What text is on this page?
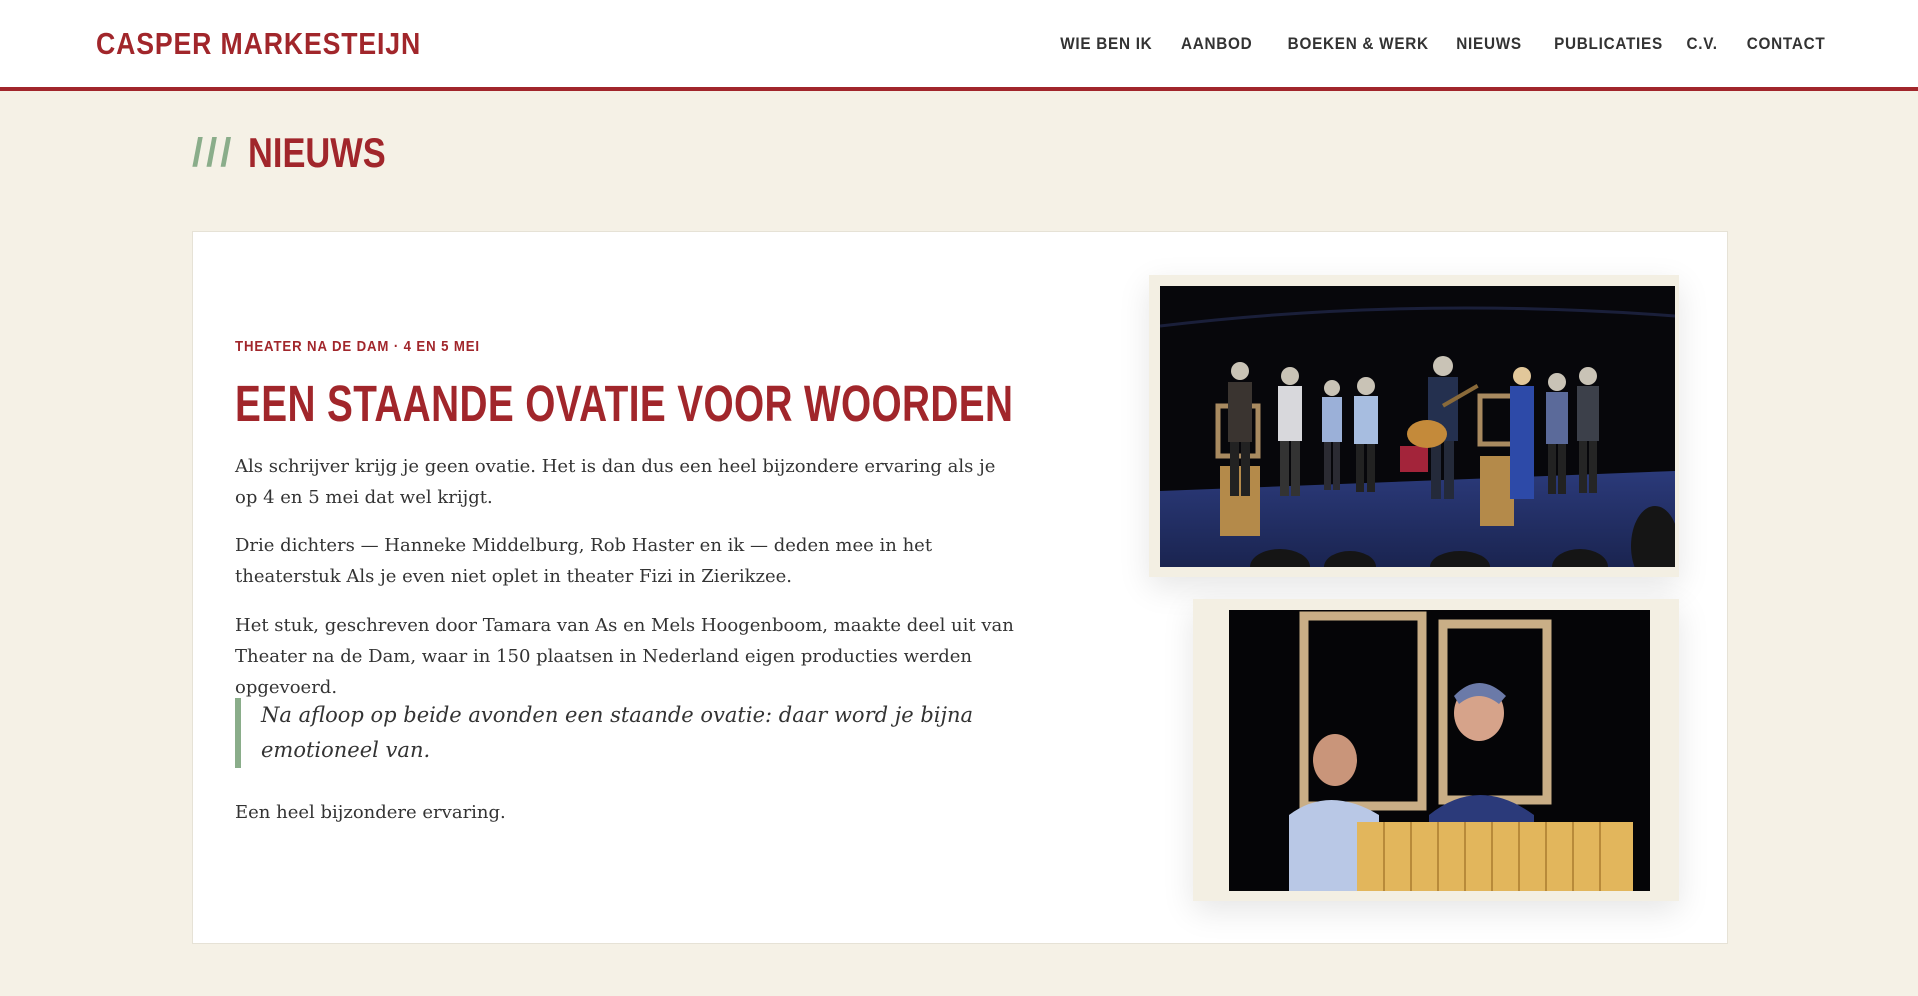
CASPER MARKESTEIJN	WIE BEN IK AANBOD BOEKEN & WERK NIEUWS PUBLICATIES C.V. CONTACT
/// NIEUWS
THEATER NA DE DAM · 4 EN 5 MEI
EEN STAANDE OVATIE VOOR WOORDEN

Als schrijver krijg je geen ovatie. Het is dan dus een heel bijzondere ervaring als je op 4 en 5 mei dat wel krijgt.

Drie dichters — Hanneke Middelburg, Rob Haster en ik — deden mee in het theaterstuk Als je even niet oplet in theater Fizi in Zierikzee.

Het stuk, geschreven door Tamara van As en Mels Hoogenboom, maakte deel uit van Theater na de Dam, waar in 150 plaatsen in Nederland eigen producties werden opgevoerd.

Na afloop op beide avonden een staande ovatie: daar word je bijna emotioneel van.

Een heel bijzondere ervaring.
